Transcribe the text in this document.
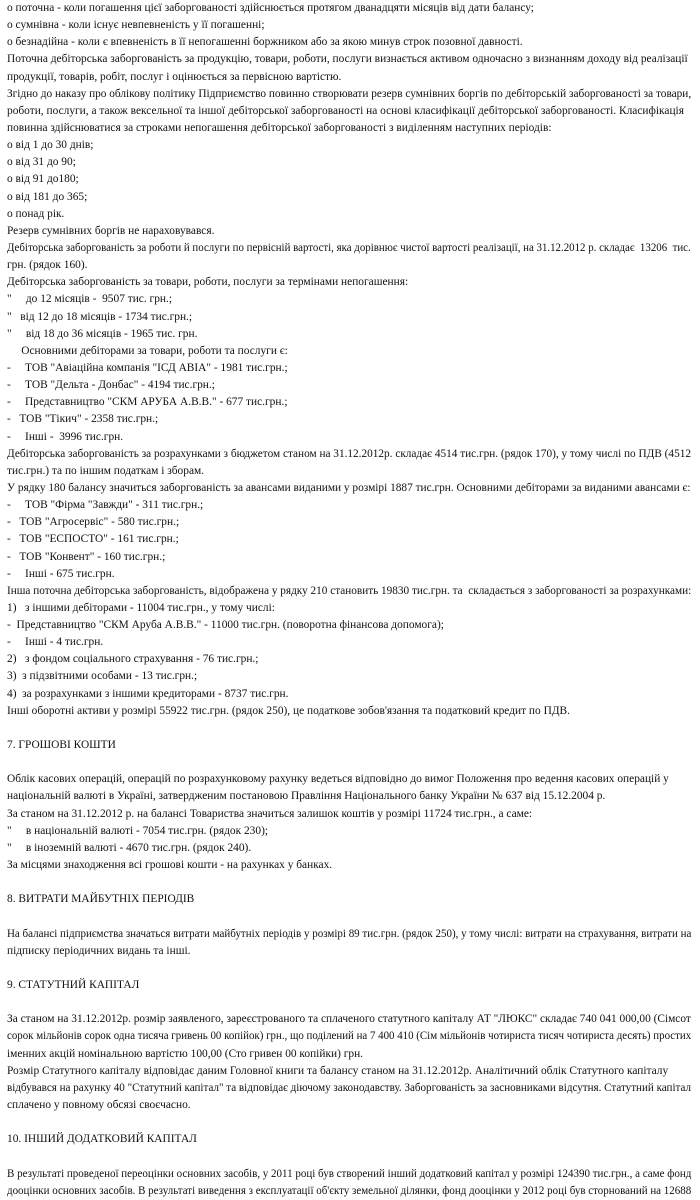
о поточна - коли погашення цієї заборгованості здійснюється протягом дванадцяти місяців від дати балансу;
о сумнівна - коли існує невпевненість у її погашенні;
о безнадійна - коли є впевненість в її непогашенні боржником або за якою минув строк позовної давності.
Поточна дебіторська заборгованість за продукцію, товари, роботи, послуги визнається активом одночасно з визнанням доходу від реалізації
продукції, товарів, робіт, послуг і оцінюється за первісною вартістю.
Згідно до наказу про облікову політику Підприємство повинно створювати резерв сумнівних боргів по дебіторській заборгованості за товари,
роботи, послуги, а також вексельної та іншої дебіторської заборгованості на основі класифікації дебіторської заборгованості. Класифікація
повинна здійснюватися за строками непогашення дебіторської заборгованості з виділенням наступних періодів:
о від 1 до 30 днів;
о від 31 до 90;
о від 91 до180;
о від 181 до 365;
о понад рік.
Резерв сумнівних боргів не нараховувався.
Дебіторська заборгованість за роботи й послуги по первісній вартості, яка дорівнює чистої вартості реалізації, на 31.12.2012 р. складає  13206  тис.
грн. (рядок 160).
Дебіторська заборгованість за товари, роботи, послуги за термінами непогашення:
"     до 12 місяців -  9507 тис. грн.;
"   від 12 до 18 місяців - 1734 тис.грн.;
"     від 18 до 36 місяців - 1965 тис. грн.
Основними дебіторами за товари, роботи та послуги є:
-     ТОВ "Авіаційна компанія "ІСД АВІА" - 1981 тис.грн.;
-     ТОВ "Дельта - Донбас" - 4194 тис.грн.;
-     Представництво "СКМ АРУБА А.В.В." - 677 тис.грн.;
-   ТОВ "Тікич" - 2358 тис.грн.;
-     Інші -  3996 тис.грн.
Дебіторська заборгованість за розрахунками з бюджетом станом на 31.12.2012р. складає 4514 тис.грн. (рядок 170), у тому числі по ПДВ (4512
тис.грн.) та по іншим податкам і зборам.
У рядку 180 балансу значиться заборгованість за авансами виданими у розмірі 1887 тис.грн. Основними дебіторами за виданими авансами є:
-     ТОВ "Фірма "Завжди" - 311 тис.грн.;
-   ТОВ "Агросервіс" - 580 тис.грн.;
-   ТОВ "ЕСПОСТО" - 161 тис.грн.;
-   ТОВ "Конвент" - 160 тис.грн.;
-     Інші - 675 тис.грн.
Інша поточна дебіторська заборгованість, відображена у рядку 210 становить 19830 тис.грн. та  складається з заборгованості за розрахунками:
1)   з іншими дебіторами - 11004 тис.грн., у тому числі:
-  Представництво "СКМ Аруба А.В.В." - 11000 тис.грн. (поворотна фінансова допомога);
-     Інші - 4 тис.грн.
2)   з фондом соціального страхування - 76 тис.грн.;
3)  з підзвітними особами - 13 тис.грн.;
4)  за розрахунками з іншими кредиторами - 8737 тис.грн.
Інші оборотні активи у розмірі 55922 тис.грн. (рядок 250), це податкове зобов'язання та податковий кредит по ПДВ.
7. ГРОШОВІ КОШТИ
Облік касових операцій, операцій по розрахунковому рахунку ведеться відповідно до вимог Положення про ведення касових операцій у
національній валюті в Україні, затвердженим постановою Правління Національного банку України № 637 від 15.12.2004 р.
За станом на 31.12.2012 р. на балансі Товариства значиться залишок коштів у розмірі 11724 тис.грн., а саме:
"     в національній валюті - 7054 тис.грн. (рядок 230);
"     в іноземній валюті - 4670 тис.грн. (рядок 240).
За місцями знаходження всі грошові кошти - на рахунках у банках.
8. ВИТРАТИ МАЙБУТНІХ ПЕРІОДІВ
На балансі підприємства значаться витрати майбутніх періодів у розмірі 89 тис.грн. (рядок 250), у тому числі: витрати на страхування, витрати на
підписку періодичних видань та інші.
9. СТАТУТНИЙ КАПІТАЛ
За станом на 31.12.2012р. розмір заявленого, зареєстрованого та сплаченого статутного капіталу АТ "ЛЮКС" складає 740 041 000,00 (Сімсот
сорок мільйонів сорок одна тисяча гривень 00 копійок) грн., що поділений на 7 400 410 (Сім мільйонів чотириста тисяч чотириста десять) простих
іменних акцій номінальною вартістю 100,00 (Сто гривен 00 копійки) грн.
Розмір Статутного капіталу відповідає даним Головної книги та балансу станом на 31.12.2012р. Аналітичний облік Статутного капіталу
відбувався на рахунку 40 "Статутний капітал" та відповідає діючому законодавству. Заборгованість за засновниками відсутня. Статутний капітал
сплачено у повному обсязі своєчасно.
10. ІНШИЙ ДОДАТКОВИЙ КАПІТАЛ
В результаті проведеної переоцінки основних засобів, у 2011 році був створений інший додатковий капітал у розмірі 124390 тис.грн., а саме фонд
дооцінки основних засобів. В результаті виведення з експлуатації об'єкту земельної ділянки, фонд дооцінки у 2012 році був сторнований на 12688
